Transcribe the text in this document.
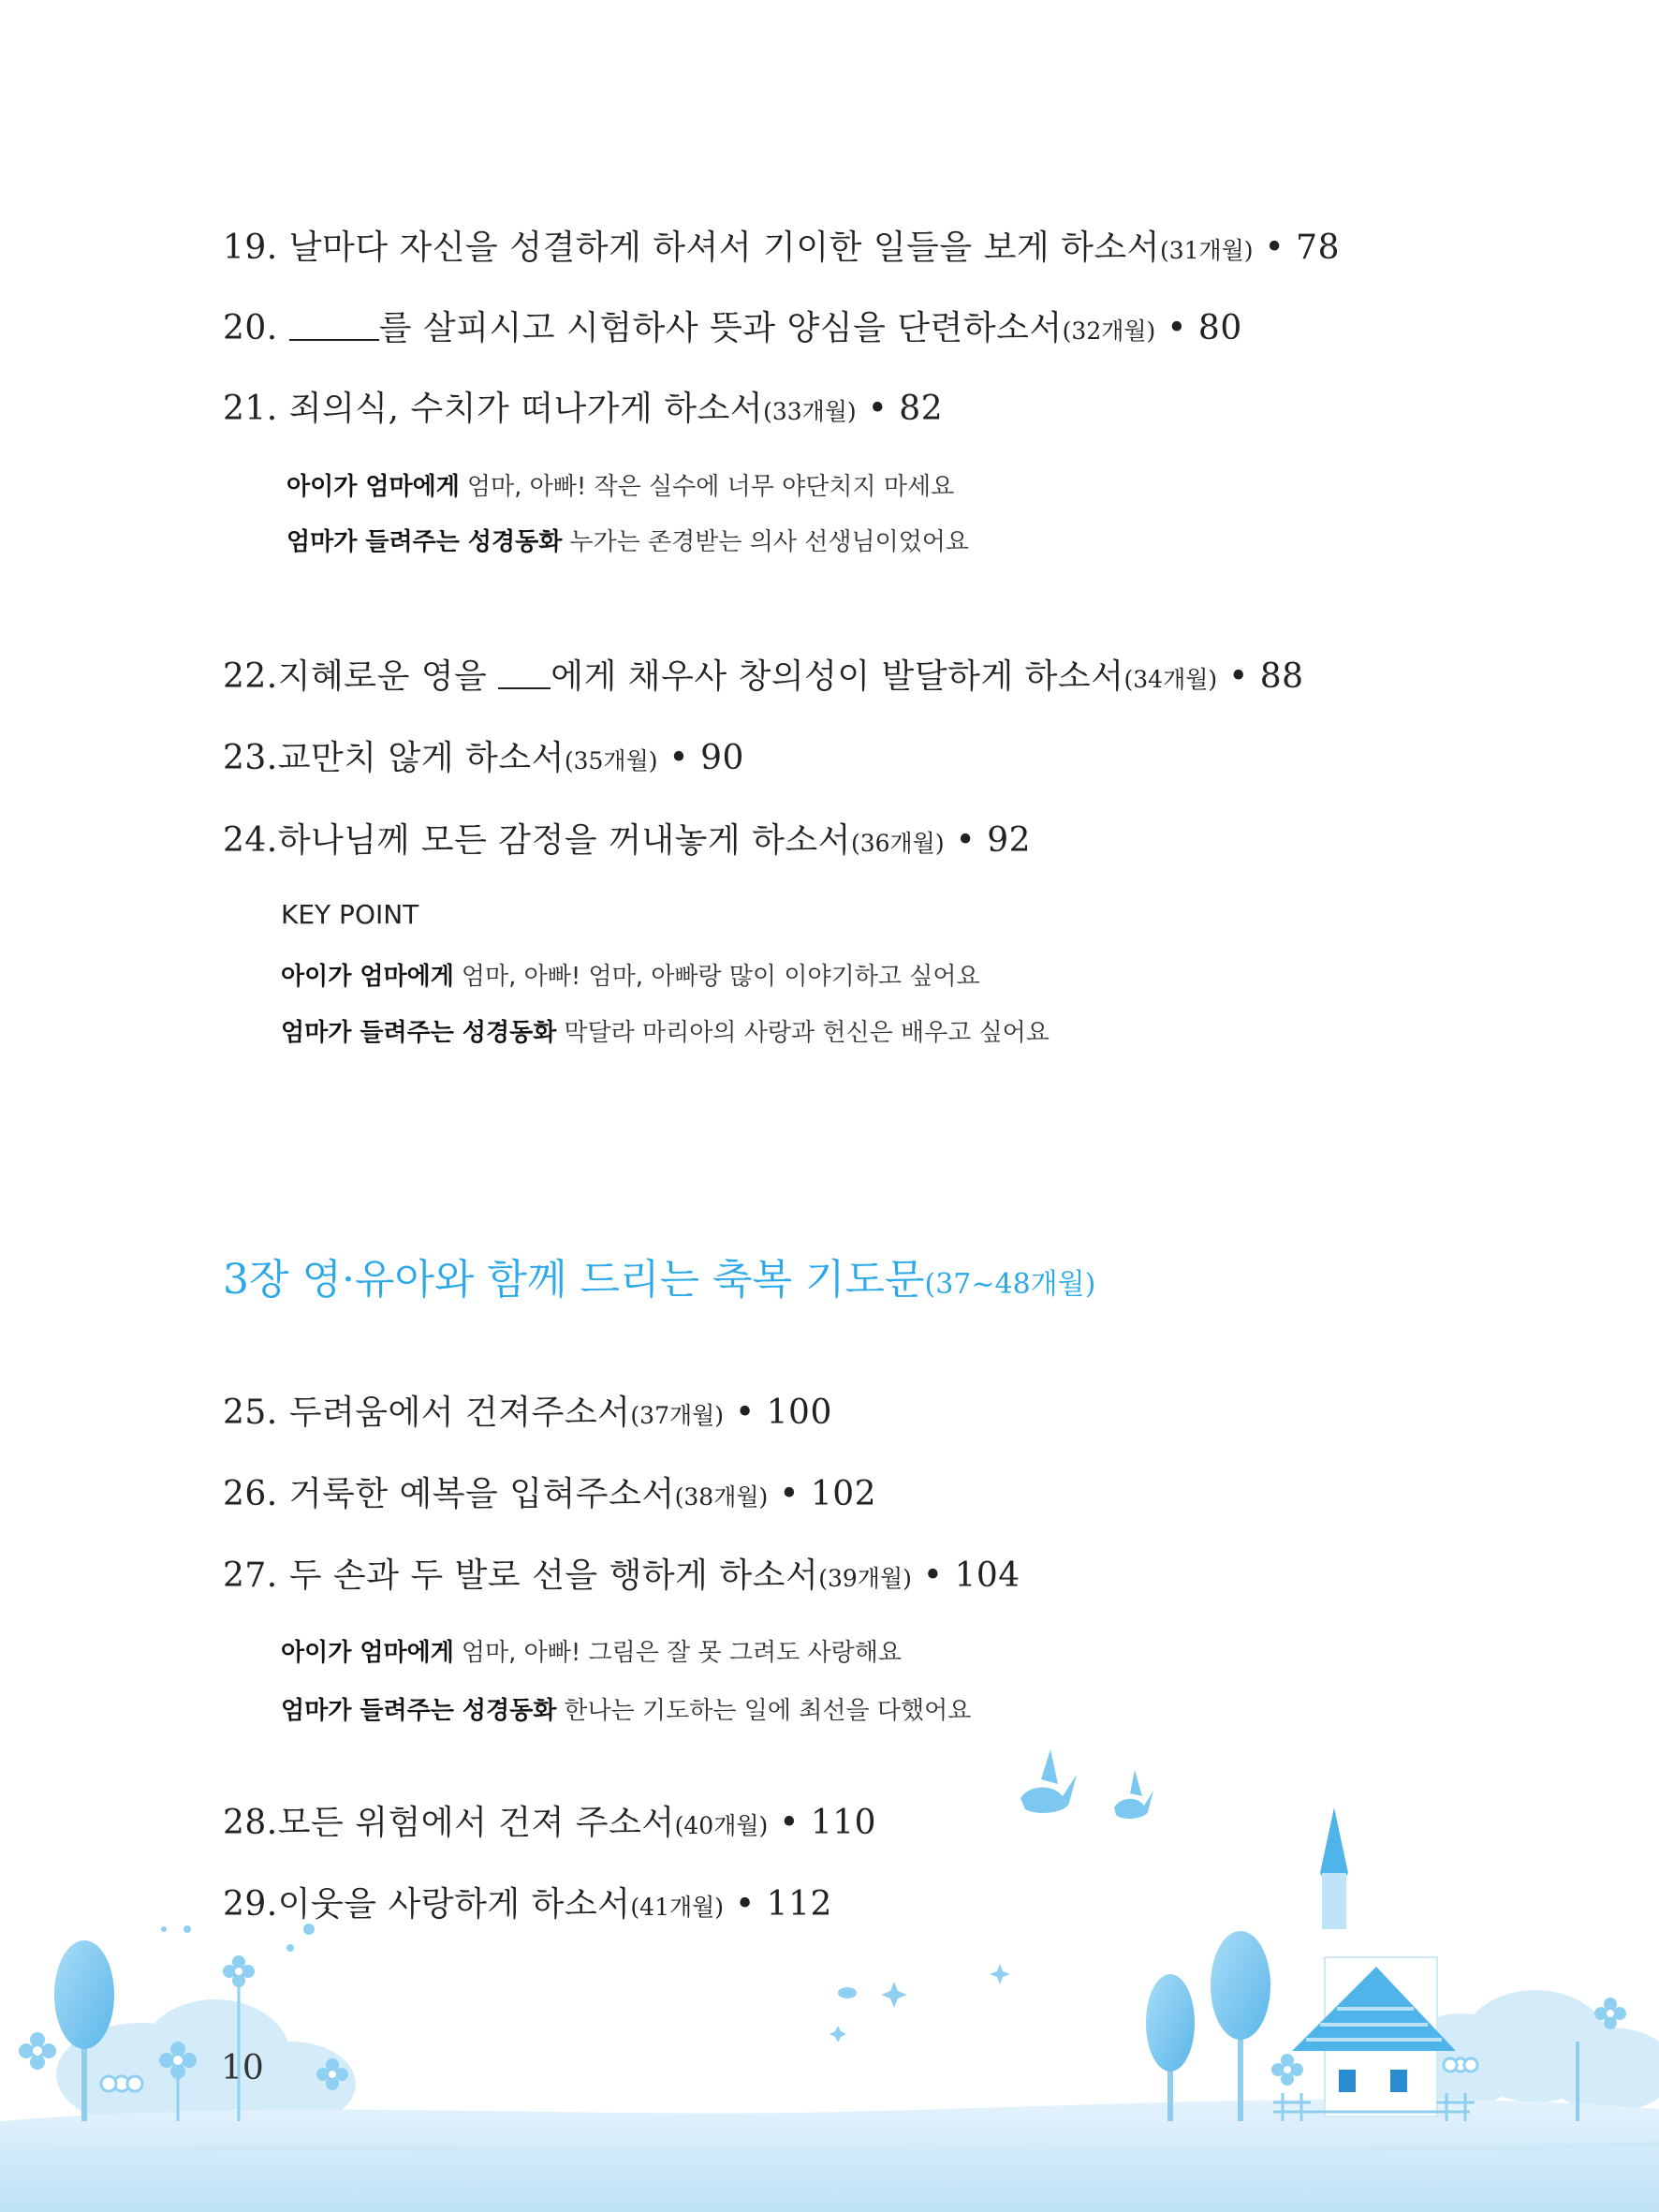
19. 날마다 자신을 성결하게 하셔서 기이한 일들을 보게 하소서(31개월) • 78
20.	를 살피시고 시험하사 뜻과 양심을 단련하소서(32개월) • 80
21. 죄의식, 수치가 떠나가게 하소서(33개월) • 82
아이가 엄마에게 엄마, 아빠! 작은 실수에 너무 야단치지 마세요
엄마가 들려주는 성경동화 누가는 존경받는 의사 선생님이었어요
22.지혜로운 영을 에게 채우사 창의성이 발달하게 하소서(34개월) • 88
23.교만치 않게 하소서(35개월) • 90
24.하나님께 모든 감정을 꺼내놓게 하소서(36개월) • 92
KEY POINT
아이가 엄마에게 엄마, 아빠! 엄마, 아빠랑 많이 이야기하고 싶어요
엄마가 들려주는 성경동화 막달라 마리아의 사랑과 헌신은 배우고 싶어요
3장 영·유아와 함께 드리는 축복 기도문(37~48개월)
25. 두려움에서 건져주소서(37개월) • 100
26. 거룩한 예복을 입혀주소서(38개월) • 102
27. 두 손과 두 발로 선을 행하게 하소서(39개월) • 104
아이가 엄마에게 엄마, 아빠! 그림은 잘 못 그려도 사랑해요
엄마가 들려주는 성경동화 한나는 기도하는 일에 최선을 다했어요
28.모든 위험에서 건져 주소서(40개월) • 110
29.이웃을 사랑하게 하소서(41개월) • 112
10
